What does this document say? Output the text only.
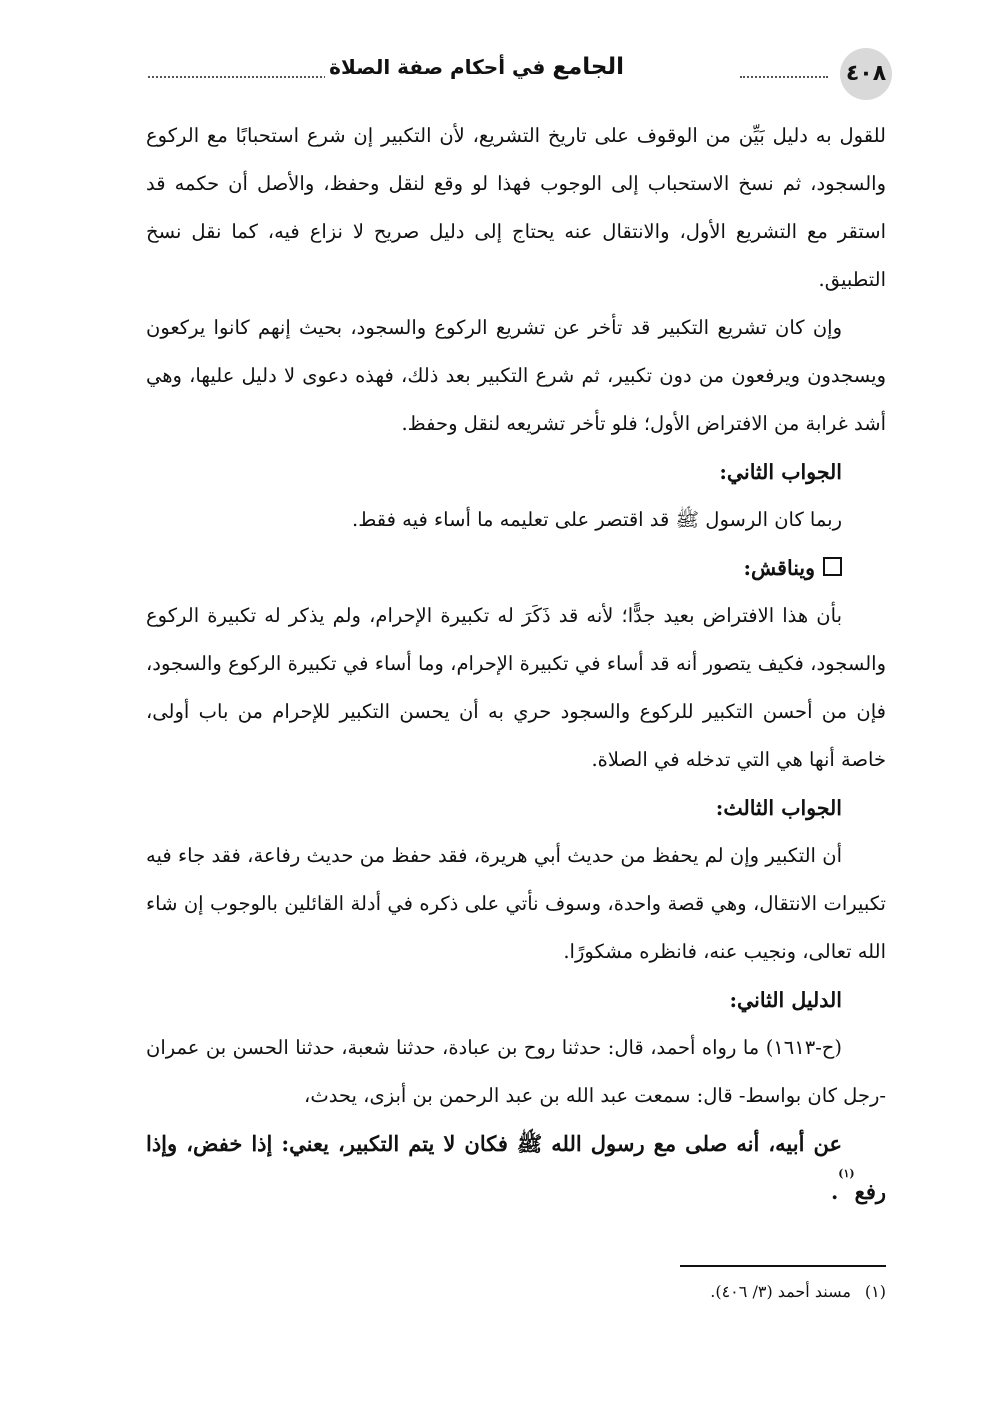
٤٠٨
الجامع في أحكام صفة الصلاة

للقول به دليل بَيِّن من الوقوف على تاريخ التشريع، لأن التكبير إن شرع استحبابًا مع الركوع والسجود، ثم نسخ الاستحباب إلى الوجوب فهذا لو وقع لنقل وحفظ، والأصل أن حكمه قد استقر مع التشريع الأول، والانتقال عنه يحتاج إلى دليل صريح لا نزاع فيه، كما نقل نسخ التطبيق.

وإن كان تشريع التكبير قد تأخر عن تشريع الركوع والسجود، بحيث إنهم كانوا يركعون ويسجدون ويرفعون من دون تكبير، ثم شرع التكبير بعد ذلك، فهذه دعوى لا دليل عليها، وهي أشد غرابة من الافتراض الأول؛ فلو تأخر تشريعه لنقل وحفظ.

الجواب الثاني:

ربما كان الرسول ﷺ قد اقتصر على تعليمه ما أساء فيه فقط.

ويناقش:

بأن هذا الافتراض بعيد جدًّا؛ لأنه قد ذَكَرَ له تكبيرة الإحرام، ولم يذكر له تكبيرة الركوع والسجود، فكيف يتصور أنه قد أساء في تكبيرة الإحرام، وما أساء في تكبيرة الركوع والسجود، فإن من أحسن التكبير للركوع والسجود حري به أن يحسن التكبير للإحرام من باب أولى، خاصة أنها هي التي تدخله في الصلاة.

الجواب الثالث:

أن التكبير وإن لم يحفظ من حديث أبي هريرة، فقد حفظ من حديث رفاعة، فقد جاء فيه تكبيرات الانتقال، وهي قصة واحدة، وسوف نأتي على ذكره في أدلة القائلين بالوجوب إن شاء الله تعالى، ونجيب عنه، فانظره مشكورًا.

الدليل الثاني:

(ح-١٦١٣) ما رواه أحمد، قال: حدثنا روح بن عبادة، حدثنا شعبة، حدثنا الحسن بن عمران -رجل كان بواسط- قال: سمعت عبد الله بن عبد الرحمن بن أبزى، يحدث،

عن أبيه، أنه صلى مع رسول الله ﷺ فكان لا يتم التكبير، يعني: إذا خفض، وإذا رفع$^{(١)}$.

(١)مسند أحمد (٣/ ٤٠٦).
